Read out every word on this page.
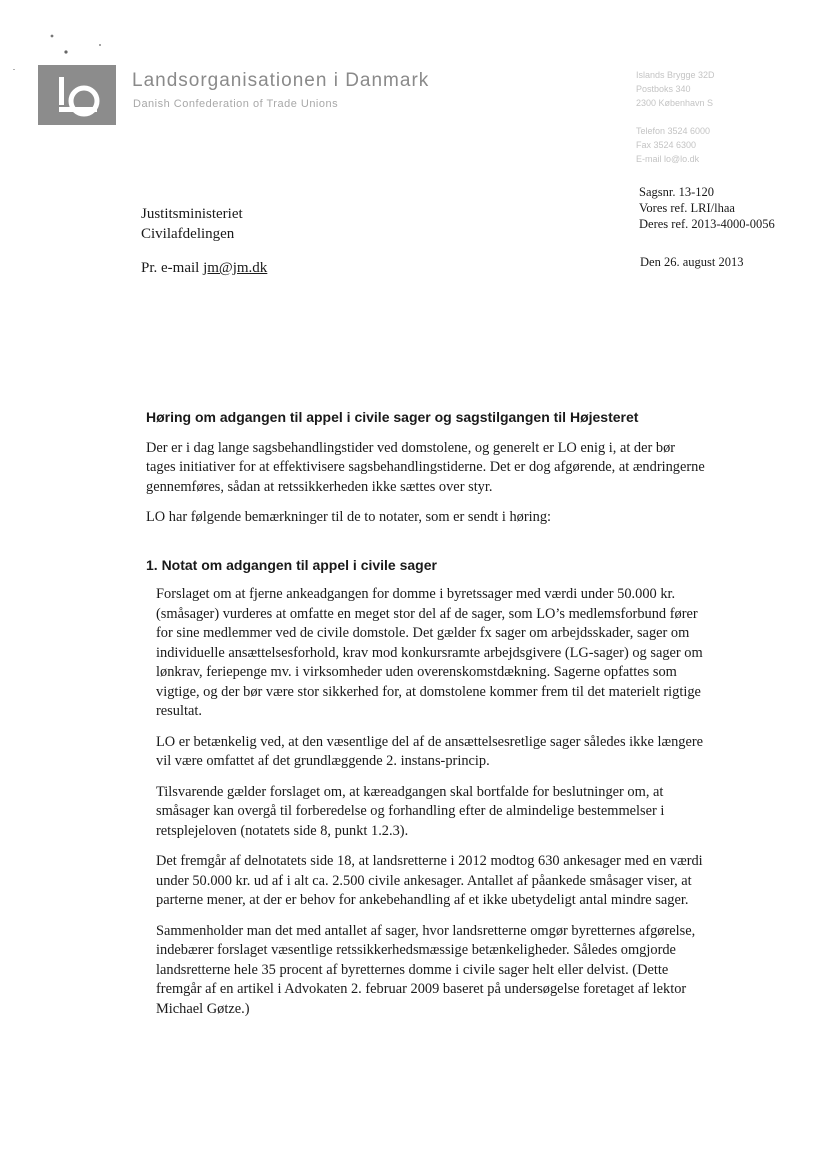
Landsorganisationen i Danmark
Danish Confederation of Trade Unions
Islands Brygge 32D
Postboks 340
2300 København S
Telefon 3524 6000
Fax 3524 6300
E-mail lo@lo.dk
Justitsministeriet
Civilafdelingen
Pr. e-mail jm@jm.dk
Sagsnr. 13-120
Vores ref. LRI/lhaa
Deres ref. 2013-4000-0056
Den 26. august 2013
Høring om adgangen til appel i civile sager og sagstilgangen til Højesteret

Der er i dag lange sagsbehandlingstider ved domstolene, og generelt er LO enig i, at der bør tages initiativer for at effektivisere sagsbehandlingstiderne. Det er dog afgørende, at ændringerne gennemføres, sådan at retssikkerheden ikke sættes over styr.

LO har følgende bemærkninger til de to notater, som er sendt i høring:

1. Notat om adgangen til appel i civile sager

Forslaget om at fjerne ankeadgangen for domme i byretssager med værdi under 50.000 kr. (småsager) vurderes at omfatte en meget stor del af de sager, som LO’s medlemsforbund fører for sine medlemmer ved de civile domstole. Det gælder fx sager om arbejdsskader, sager om individuelle ansættelsesforhold, krav mod konkursramte arbejdsgivere (LG-sager) og sager om lønkrav, feriepenge mv. i virksomheder uden overenskomstdækning. Sagerne opfattes som vigtige, og der bør være stor sikkerhed for, at domstolene kommer frem til det materielt rigtige resultat.

LO er betænkelig ved, at den væsentlige del af de ansættelsesretlige sager således ikke længere vil være omfattet af det grundlæggende 2. instans-princip.

Tilsvarende gælder forslaget om, at kæreadgangen skal bortfalde for beslutninger om, at småsager kan overgå til forberedelse og forhandling efter de almindelige bestemmelser i retsplejeloven (notatets side 8, punkt 1.2.3).

Det fremgår af delnotatets side 18, at landsretterne i 2012 modtog 630 ankesager med en værdi under 50.000 kr. ud af i alt ca. 2.500 civile ankesager. Antallet af påankede småsager viser, at parterne mener, at der er behov for ankebehandling af et ikke ubetydeligt antal mindre sager.

Sammenholder man det med antallet af sager, hvor landsretterne omgør byretternes afgørelse, indebærer forslaget væsentlige retssikkerhedsmæssige betænkeligheder. Således omgjorde landsretterne hele 35 procent af byretternes domme i civile sager helt eller delvist. (Dette fremgår af en artikel i Advokaten 2. februar 2009 baseret på undersøgelse foretaget af lektor Michael Gøtze.)
